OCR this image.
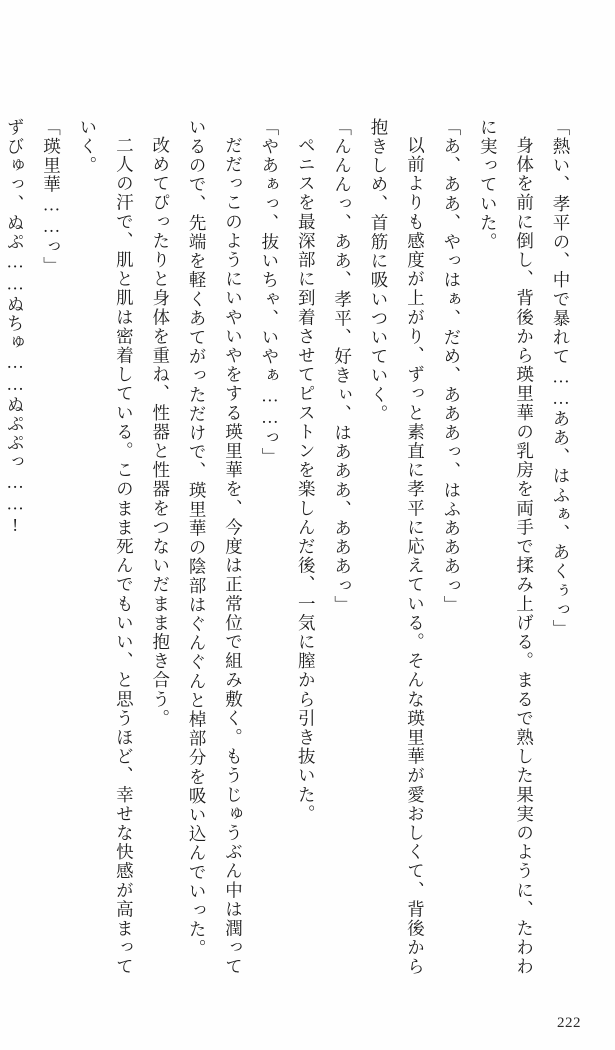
「熱い、孝平の、中で暴れて……ああ、はふぁ、あくぅっ」

身体を前に倒し、背後から瑛里華の乳房を両手で揉み上げる。まるで熟した果実のように、たわわに実っていた。

「あ、ああ、やっはぁ、だめ、あああっ、はふあああっ」

以前よりも感度が上がり、ずっと素直に孝平に応えている。そんな瑛里華が愛おしくて、背後から抱きしめ、首筋に吸いついていく。

「んんんっ、ああ、孝平、好きぃ、はあああ、あああっ」

ペニスを最深部に到着させてピストンを楽しんだ後、一気に膣から引き抜いた。

「やあぁっ、抜いちゃ、いやぁ……っ」

だだっこのようにいやいやをする瑛里華を、今度は正常位で組み敷く。もうじゅうぶん中は潤っているので、先端を軽くあてがっただけで、瑛里華の陰部はぐんぐんと棹部分を吸い込んでいった。

改めてぴったりと身体を重ね、性器と性器をつないだまま抱き合う。

二人の汗で、肌と肌は密着している。このまま死んでもいい、と思うほど、幸せな快感が高まっていく。

「瑛里華……っ」

ずびゅっ、ぬぷ……ぬちゅ……ぬぷぷっ……!

222
